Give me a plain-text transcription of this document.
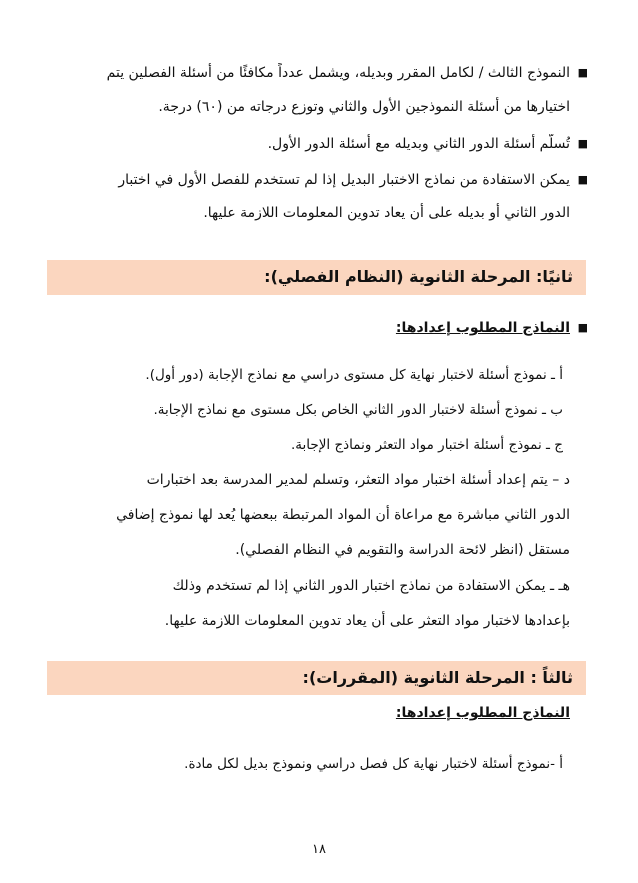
■
النموذج الثالث / لكامل المقرر وبديله، ويشمل عدداً مكافئًا من أسئلة الفصلين يتم
اختيارها من أسئلة النموذجين الأول والثاني وتوزع درجاته من (٦٠) درجة.
■
تُسلَّم أسئلة الدور الثاني وبديله مع أسئلة الدور الأول.
■
يمكن الاستفادة من نماذج الاختبار البديل إذا لم تستخدم للفصل الأول في اختبار
الدور الثاني أو بديله على أن يعاد تدوين المعلومات اللازمة عليها.
ثانيًا: المرحلة الثانوية (النظام الفصلي):
■
النماذج المطلوب إعدادها:
أ ـ نموذج أسئلة لاختبار نهاية كل مستوى دراسي مع نماذج الإجابة (دور أول).
ب ـ نموذج أسئلة لاختبار الدور الثاني الخاص بكل مستوى مع نماذج الإجابة.
ج ـ نموذج أسئلة اختبار مواد التعثر ونماذج الإجابة.
د – يتم إعداد أسئلة اختبار مواد التعثر، وتسلم لمدير المدرسة بعد اختبارات
الدور الثاني مباشرة مع مراعاة أن المواد المرتبطة ببعضها يُعد لها نموذج إضافي
مستقل (انظر لائحة الدراسة والتقويم في النظام الفصلي).
هـ ـ يمكن الاستفادة من نماذج اختبار الدور الثاني إذا لم تستخدم وذلك
بإعدادها لاختبار مواد التعثر على أن يعاد تدوين المعلومات اللازمة عليها.
ثالثاً : المرحلة الثانوية (المقررات):
النماذج المطلوب إعدادها:
أ -نموذج أسئلة لاختبار نهاية كل فصل دراسي ونموذج بديل لكل مادة.
١٨
